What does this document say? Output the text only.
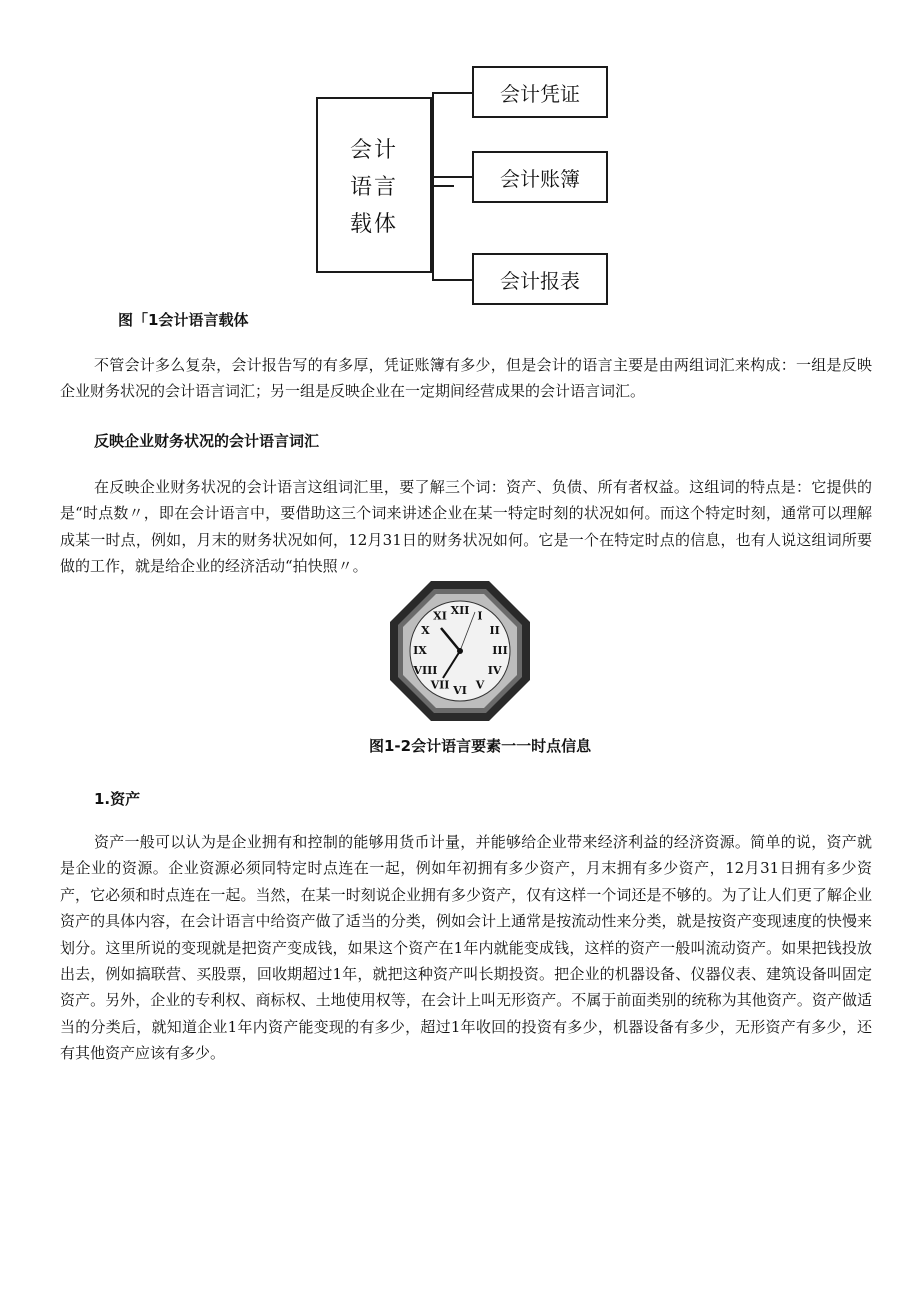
会计
语言
载体
会计凭证
会计账簿
会计报表
图「1会计语言载体

不管会计多么复杂，会计报告写的有多厚，凭证账簿有多少，但是会计的语言主要是由两组词汇来构成：一组是反映企业财务状况的会计语言词汇；另一组是反映企业在一定期间经营成果的会计语言词汇。

反映企业财务状况的会计语言词汇

在反映企业财务状况的会计语言这组词汇里，要了解三个词：资产、负债、所有者权益。这组词的特点是：它提供的是“时点数〃，即在会计语言中，要借助这三个词来讲述企业在某一特定时刻的状况如何。而这个特定时刻，通常可以理解成某一时点，例如，月末的财务状况如何，12月31日的财务状况如何。它是一个在特定时点的信息，也有人说这组词所要做的工作，就是给企业的经济活动“拍快照〃。

XII I
II
III
IV
V
VI
VII
VIII
IX
X
XI
图1-2会计语言要素一一时点信息
1.资产

资产一般可以认为是企业拥有和控制的能够用货币计量，并能够给企业带来经济利益的经济资源。简单的说，资产就是企业的资源。企业资源必须同特定时点连在一起，例如年初拥有多少资产，月末拥有多少资产，12月31日拥有多少资产，它必须和时点连在一起。当然，在某一时刻说企业拥有多少资产，仅有这样一个词还是不够的。为了让人们更了解企业资产的具体内容，在会计语言中给资产做了适当的分类，例如会计上通常是按流动性来分类，就是按资产变现速度的快慢来划分。这里所说的变现就是把资产变成钱，如果这个资产在1年内就能变成钱，这样的资产一般叫流动资产。如果把钱投放出去，例如搞联营、买股票，回收期超过1年，就把这种资产叫长期投资。把企业的机器设备、仪器仪表、建筑设备叫固定资产。另外，企业的专利权、商标权、土地使用权等，在会计上叫无形资产。不属于前面类别的统称为其他资产。资产做适当的分类后，就知道企业1年内资产能变现的有多少，超过1年收回的投资有多少，机器设备有多少，无形资产有多少，还有其他资产应该有多少。
